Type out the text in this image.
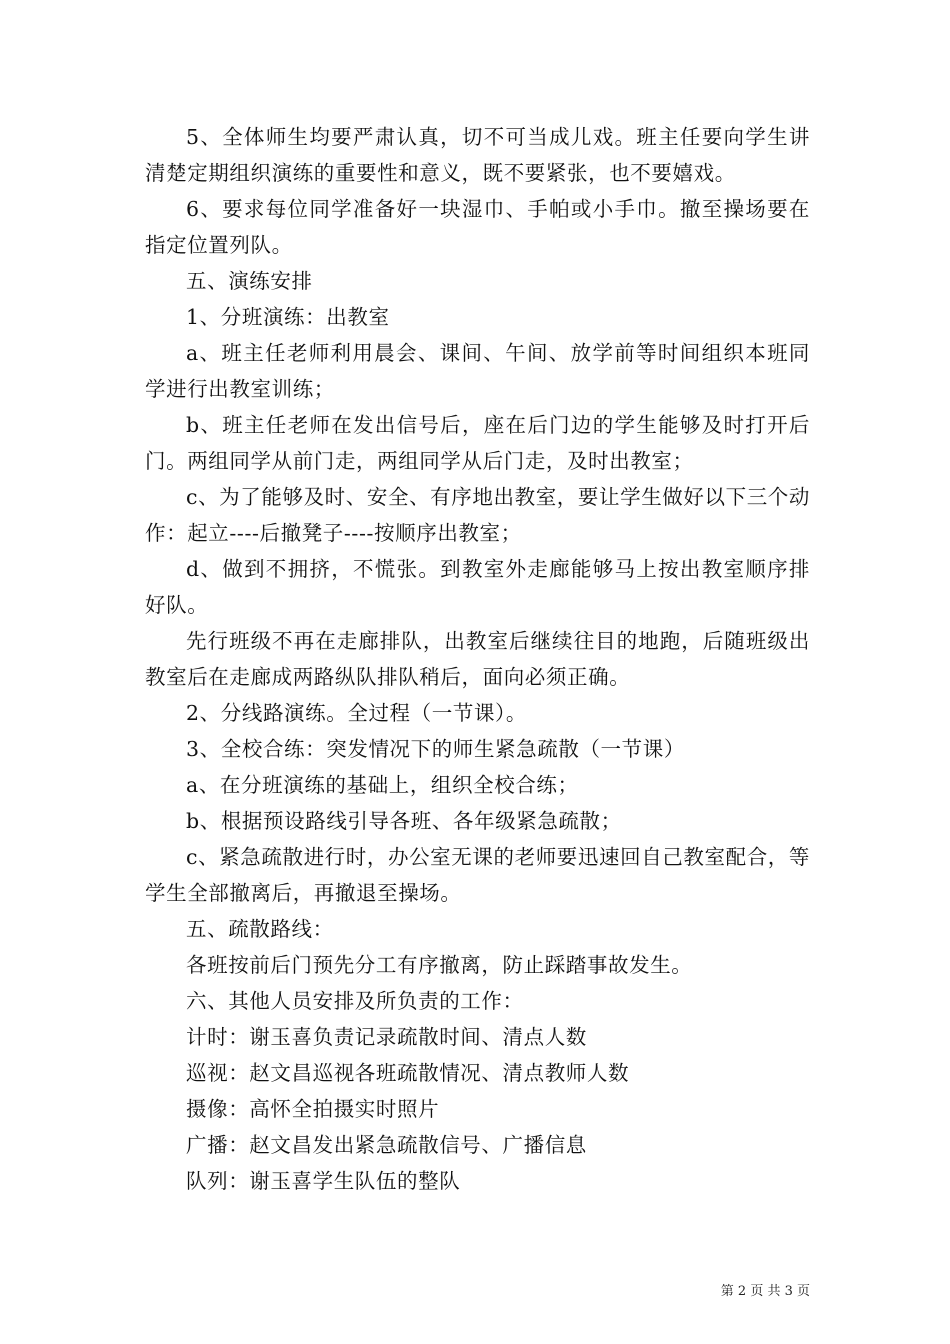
5、全体师生均要严肃认真，切不可当成儿戏。班主任要向学生讲清楚定期组织演练的重要性和意义，既不要紧张，也不要嬉戏。

6、要求每位同学准备好一块湿巾、手帕或小手巾。撤至操场要在指定位置列队。

五、演练安排

1、分班演练：出教室

a、班主任老师利用晨会、课间、午间、放学前等时间组织本班同学进行出教室训练；

b、班主任老师在发出信号后，座在后门边的学生能够及时打开后门。两组同学从前门走，两组同学从后门走，及时出教室；

c、为了能够及时、安全、有序地出教室，要让学生做好以下三个动作：起立----后撤凳子----按顺序出教室；

d、做到不拥挤，不慌张。到教室外走廊能够马上按出教室顺序排好队。

先行班级不再在走廊排队，出教室后继续往目的地跑，后随班级出教室后在走廊成两路纵队排队稍后，面向必须正确。

2、分线路演练。全过程（一节课）。

3、全校合练：突发情况下的师生紧急疏散（一节课）

a、在分班演练的基础上，组织全校合练；

b、根据预设路线引导各班、各年级紧急疏散；

c、紧急疏散进行时，办公室无课的老师要迅速回自己教室配合，等学生全部撤离后，再撤退至操场。

五、疏散路线：

各班按前后门预先分工有序撤离，防止踩踏事故发生。

六、其他人员安排及所负责的工作：

计时：谢玉喜负责记录疏散时间、清点人数

巡视：赵文昌巡视各班疏散情况、清点教师人数

摄像：高怀全拍摄实时照片

广播：赵文昌发出紧急疏散信号、广播信息

队列：谢玉喜学生队伍的整队

第 2 页 共 3 页
